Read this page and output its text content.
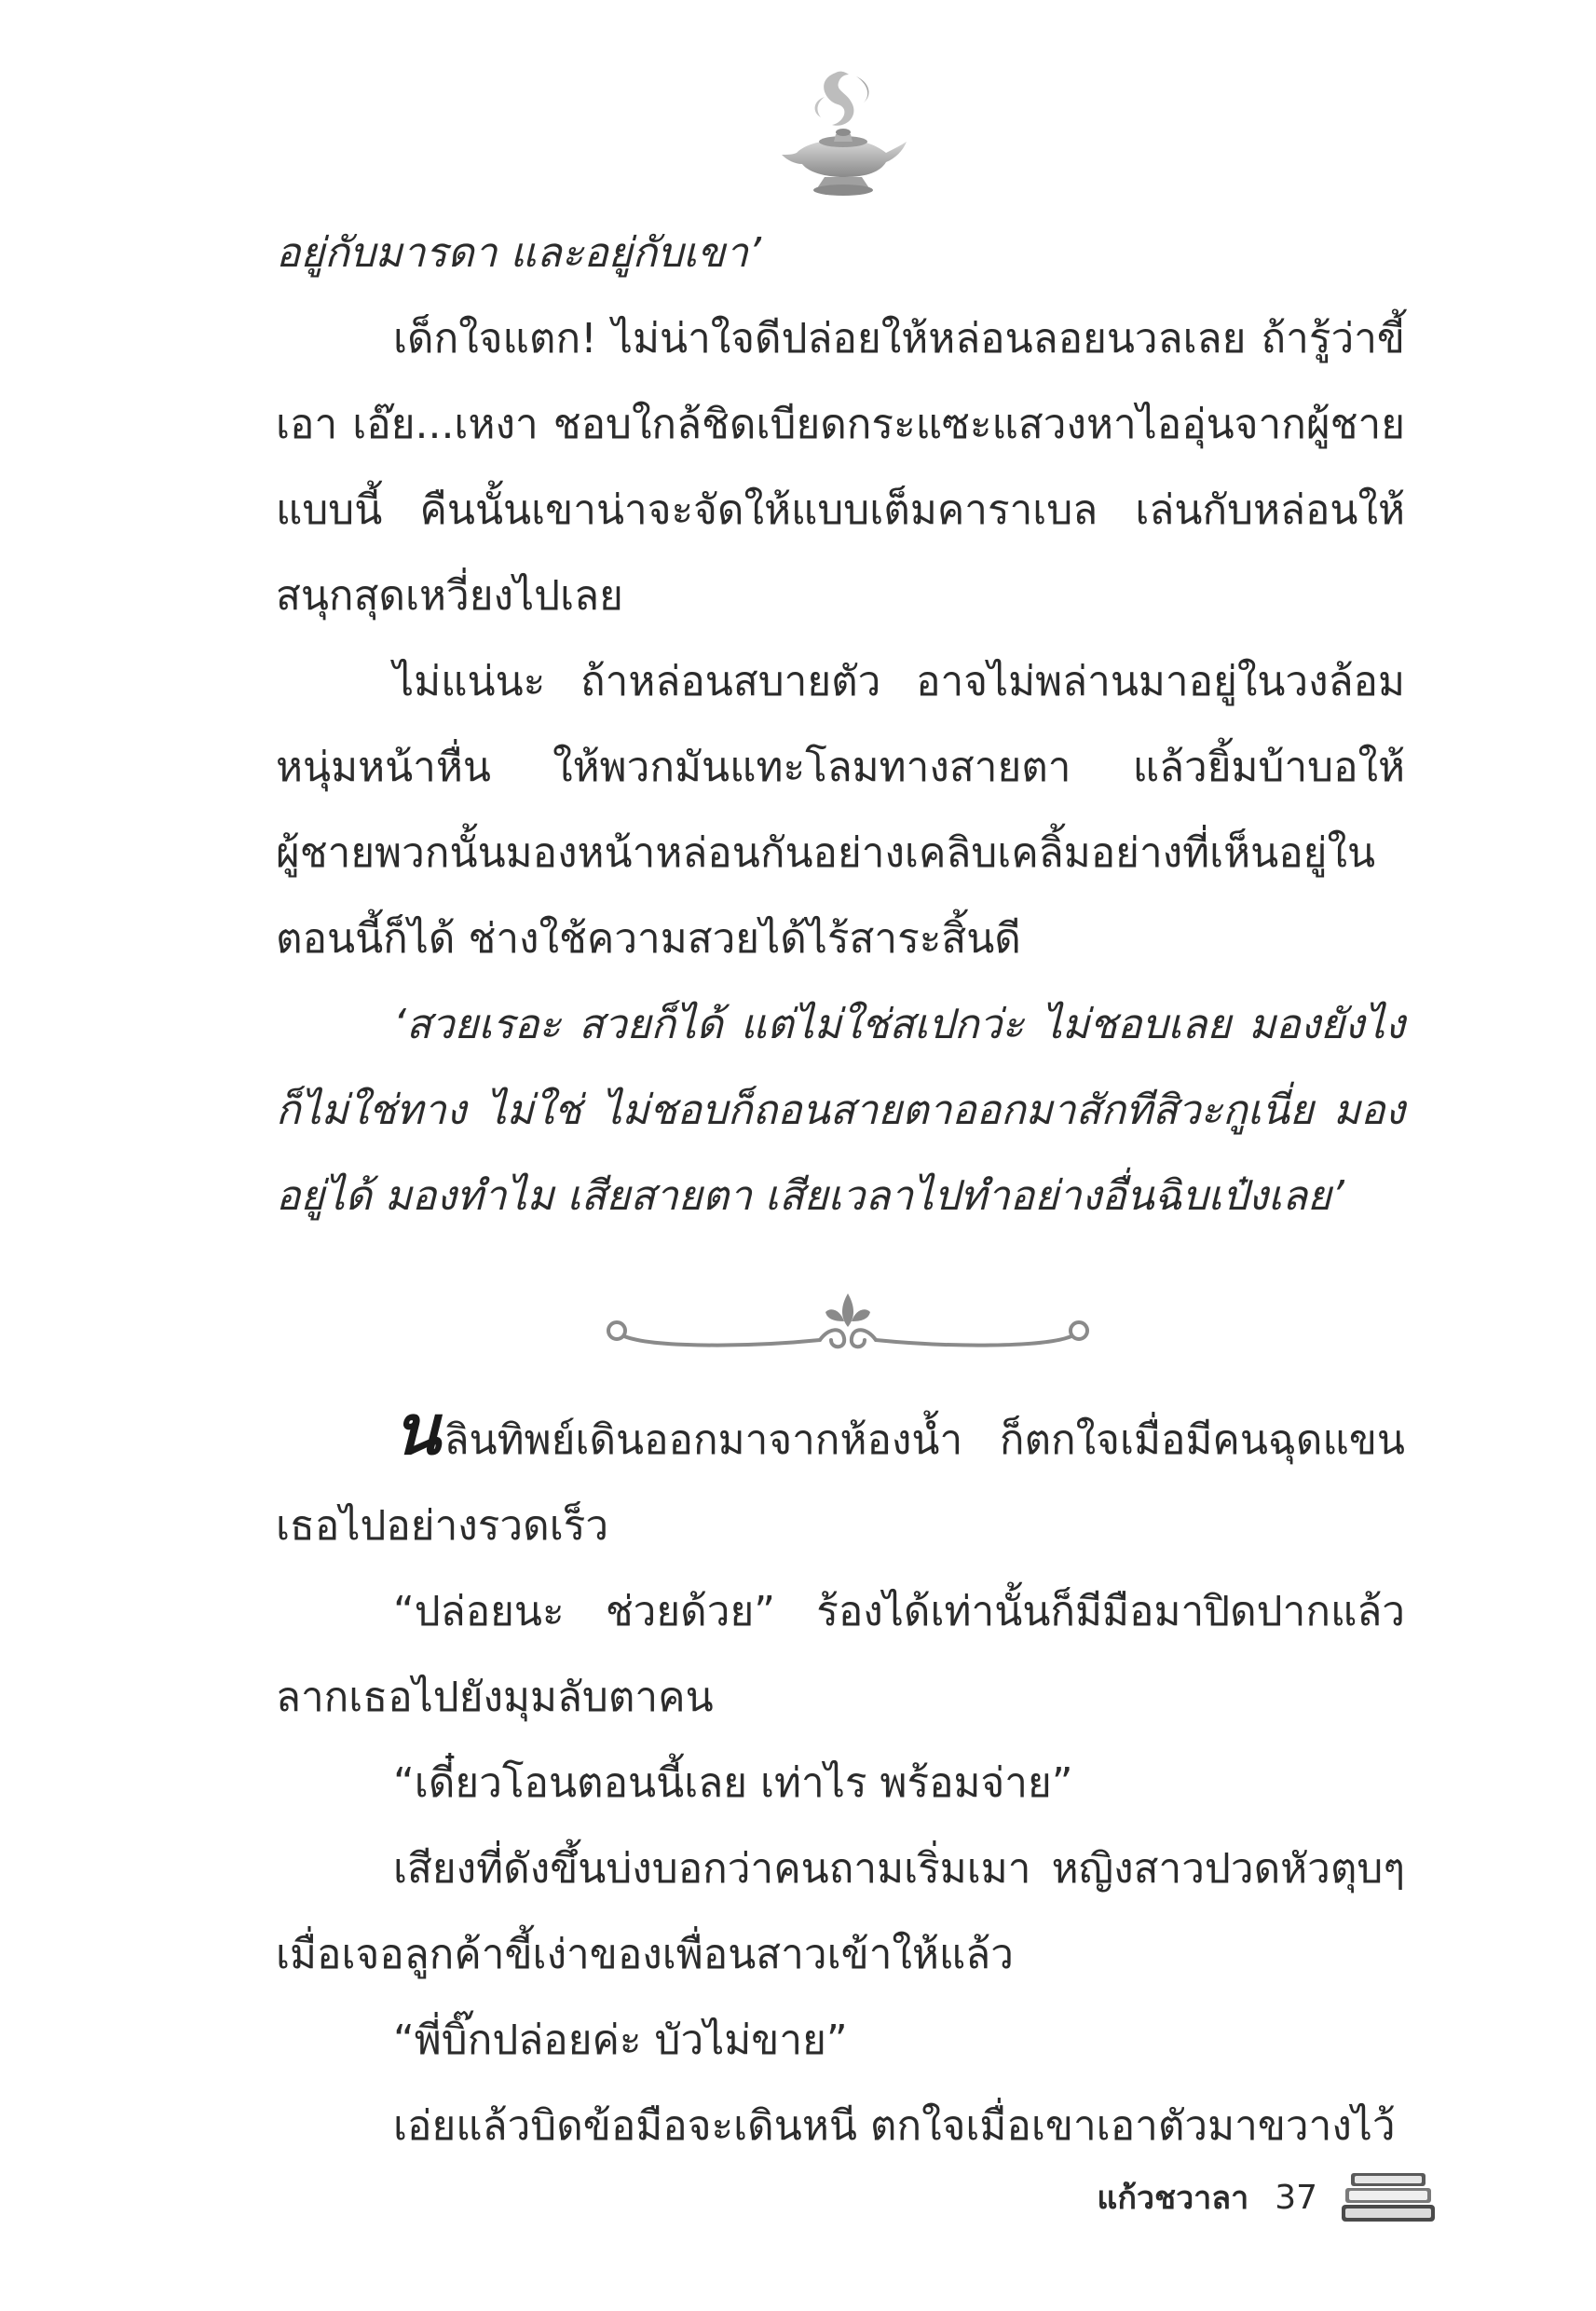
อยู่กับมารดา และอยู่กับเขา’

เด็กใจแตก! ไม่น่าใจดีปล่อยให้หล่อนลอยนวลเลย ถ้ารู้ว่าขี้เอา เอ๊ย...เหงา ชอบใกล้ชิดเบียดกระแซะแสวงหาไออุ่นจากผู้ชายแบบนี้ คืนนั้นเขาน่าจะจัดให้แบบเต็มคาราเบล เล่นกับหล่อนให้สนุกสุดเหวี่ยงไปเลย

ไม่แน่นะ ถ้าหล่อนสบายตัว อาจไม่พล่านมาอยู่ในวงล้อมหนุ่มหน้าหื่น ให้พวกมันแทะโลมทางสายตา แล้วยิ้มบ้าบอให้ผู้ชายพวกนั้นมองหน้าหล่อนกันอย่างเคลิบเคลิ้มอย่างที่เห็นอยู่ในตอนนี้ก็ได้ ช่างใช้ความสวยได้ไร้สาระสิ้นดี

‘สวยเรอะ สวยก็ได้ แต่ไม่ใช่สเปกว่ะ ไม่ชอบเลย มองยังไงก็ไม่ใช่ทาง ไม่ใช่ ไม่ชอบก็ถอนสายตาออกมาสักทีสิวะกูเนี่ย มองอยู่ได้ มองทำไม เสียสายตา เสียเวลาไปทำอย่างอื่นฉิบเป๋งเลย’

นลินทิพย์เดินออกมาจากห้องน้ำ ก็ตกใจเมื่อมีคนฉุดแขนเธอไปอย่างรวดเร็ว

“ปล่อยนะ ช่วยด้วย” ร้องได้เท่านั้นก็มีมือมาปิดปากแล้วลากเธอไปยังมุมลับตาคน

“เดี๋ยวโอนตอนนี้เลย เท่าไร พร้อมจ่าย”

เสียงที่ดังขึ้นบ่งบอกว่าคนถามเริ่มเมา หญิงสาวปวดหัวตุบๆ เมื่อเจอลูกค้าขี้เง่าของเพื่อนสาวเข้าให้แล้ว

“พี่บิ๊กปล่อยค่ะ บัวไม่ขาย”

เอ่ยแล้วบิดข้อมือจะเดินหนี ตกใจเมื่อเขาเอาตัวมาขวางไว้

แก้วชวาลา 37
